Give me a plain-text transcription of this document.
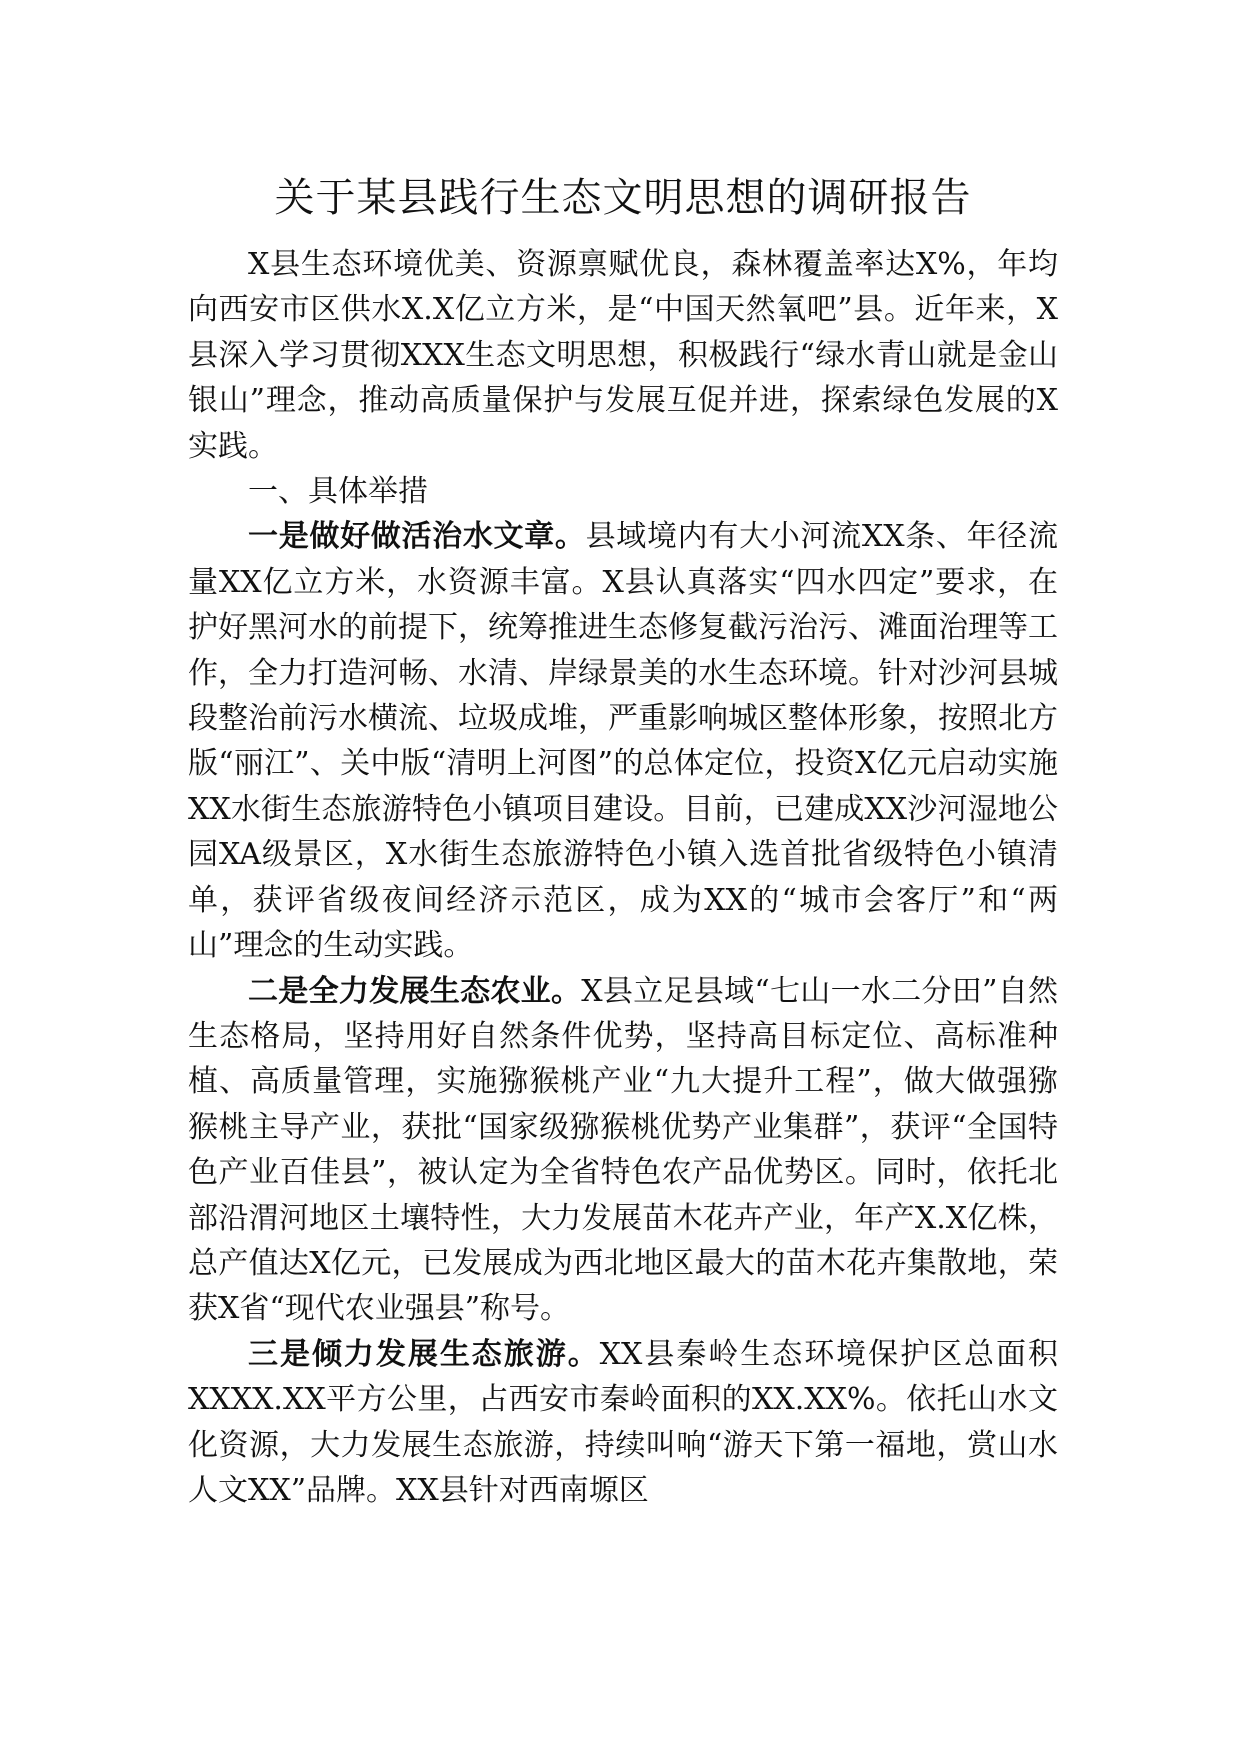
关于某县践行生态文明思想的调研报告

X县生态环境优美、资源禀赋优良，森林覆盖率达X%，年均向西安市区供水X.X亿立方米，是“中国天然氧吧”县。近年来，X县深入学习贯彻XXX生态文明思想，积极践行“绿水青山就是金山银山”理念，推动高质量保护与发展互促并进，探索绿色发展的X实践。

一、具体举措

一是做好做活治水文章。县域境内有大小河流XX条、年径流量XX亿立方米，水资源丰富。X县认真落实“四水四定”要求，在护好黑河水的前提下，统筹推进生态修复截污治污、滩面治理等工作，全力打造河畅、水清、岸绿景美的水生态环境。针对沙河县城段整治前污水横流、垃圾成堆，严重影响城区整体形象，按照北方版“丽江”、关中版“清明上河图”的总体定位，投资X亿元启动实施XX水街生态旅游特色小镇项目建设。目前，已建成XX沙河湿地公园XA级景区，X水街生态旅游特色小镇入选首批省级特色小镇清单，获评省级夜间经济示范区，成为XX的“城市会客厅”和“两山”理念的生动实践。

二是全力发展生态农业。X县立足县域“七山一水二分田”自然生态格局，坚持用好自然条件优势，坚持高目标定位、高标准种植、高质量管理，实施猕猴桃产业“九大提升工程”，做大做强猕猴桃主导产业，获批“国家级猕猴桃优势产业集群”，获评“全国特色产业百佳县”，被认定为全省特色农产品优势区。同时，依托北部沿渭河地区土壤特性，大力发展苗木花卉产业，年产X.X亿株，总产值达X亿元，已发展成为西北地区最大的苗木花卉集散地，荣获X省“现代农业强县”称号。

三是倾力发展生态旅游。XX县秦岭生态环境保护区总面积XXXX.XX平方公里，占西安市秦岭面积的XX.XX%。依托山水文化资源，大力发展生态旅游，持续叫响“游天下第一福地，赏山水人文XX”品牌。XX县针对西南塬区
